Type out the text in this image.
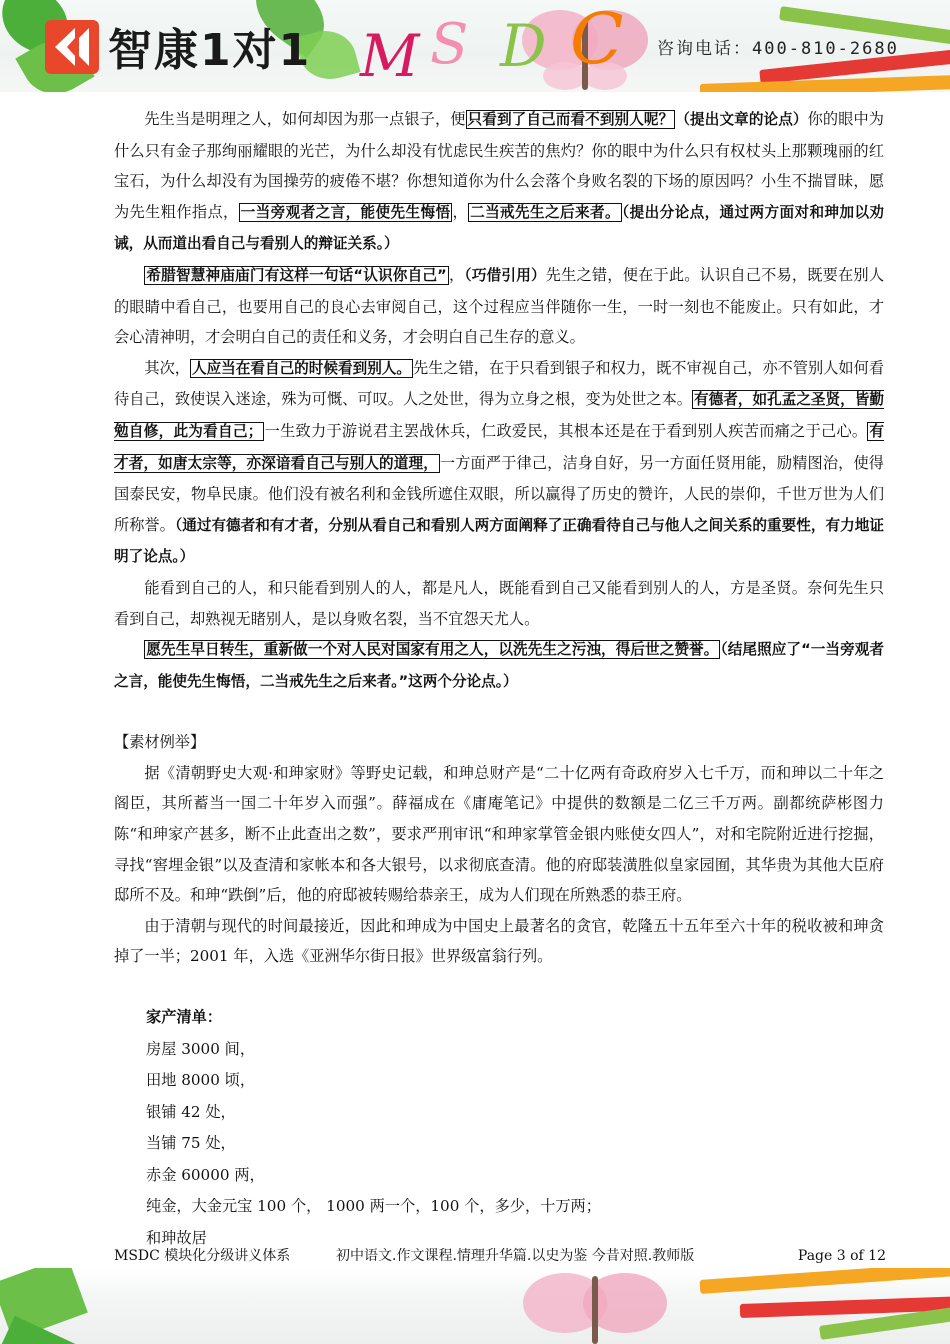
智康1对1 M S D C 咨询电话：400-810-2680

先生当是明理之人，如何却因为那一点银子，便 只看到了自己而看不到别人呢？ （提出文章的论点）你的眼中为什么只有金子那绚丽耀眼的光芒，为什么却没有忧虑民生疾苦的焦灼？你的眼中为什么只有权杖头上那颗瑰丽的红宝石，为什么却没有为国操劳的疲倦不堪？你想知道你为什么会落个身败名裂的下场的原因吗？小生不揣冒昧，愿为先生粗作指点， 一当旁观者之言，能使先生悔悟 ， 二当戒先生之后来者。 （提出分论点，通过两方面对和珅加以劝诫，从而道出看自己与看别人的辩证关系。）

希腊智慧神庙庙门有这样一句话“认识你自己” ，（巧借引用）先生之错，便在于此。认识自己不易，既要在别人的眼睛中看自己，也要用自己的良心去审阅自己，这个过程应当伴随你一生，一时一刻也不能废止。只有如此，才会心清神明，才会明白自己的责任和义务，才会明白自己生存的意义。

其次， 人应当在看自己的时候看到别人。 先生之错，在于只看到银子和权力，既不审视自己，亦不管别人如何看待自己，致使误入迷途，殊为可慨、可叹。人之处世，得为立身之根，变为处世之本。 有德者，如孔孟之圣贤，皆勤勉自修，此为看自己； 一生致力于游说君主罢战休兵，仁政爱民，其根本还是在于看到别人疾苦而痛之于己心。 有才者，如唐太宗等，亦深谙看自己与别人的道理， 一方面严于律己，洁身自好，另一方面任贤用能，励精图治，使得国泰民安，物阜民康。他们没有被名利和金钱所遮住双眼，所以赢得了历史的赞许，人民的崇仰，千世万世为人们所称誉。（通过有德者和有才者，分别从看自己和看别人两方面阐释了正确看待自己与他人之间关系的重要性，有力地证明了论点。）

能看到自己的人，和只能看到别人的人，都是凡人，既能看到自己又能看到别人的人，方是圣贤。奈何先生只看到自己，却熟视无睹别人，是以身败名裂，当不宜怨天尤人。

愿先生早日转生，重新做一个对人民对国家有用之人，以洗先生之污浊，得后世之赞誉。 （结尾照应了“一当旁观者之言，能使先生悔悟，二当戒先生之后来者。”这两个分论点。）

【素材例举】

据《清朝野史大观·和珅家财》等野史记载，和珅总财产是“二十亿两有奇政府岁入七千万，而和珅以二十年之阁臣，其所蓄当一国二十年岁入而强”。薛福成在《庸庵笔记》中提供的数额是二亿三千万两。副都统萨彬图力陈“和珅家产甚多，断不止此查出之数”，要求严刑审讯“和珅家掌管金银内账使女四人”，对和宅院附近进行挖掘，寻找“窖埋金银”以及查清和家帐本和各大银号，以求彻底查清。他的府邸装潢胜似皇家园囿，其华贵为其他大臣府邸所不及。和珅“跌倒”后，他的府邸被转赐给恭亲王，成为人们现在所熟悉的恭王府。

由于清朝与现代的时间最接近，因此和珅成为中国史上最著名的贪官，乾隆五十五年至六十年的税收被和珅贪掉了一半；2001 年，入选《亚洲华尔街日报》世界级富翁行列。

家产清单：

房屋 3000 间，

田地 8000 顷，

银铺 42 处，

当铺 75 处，

赤金 60000 两，

纯金，大金元宝 100 个， 1000 两一个，100 个，多少，十万两；

和珅故居

MSDC 模块化分级讲义体系	初中语文.作文课程.情理升华篇.以史为鉴 今昔对照.教师版	Page 3 of 12
